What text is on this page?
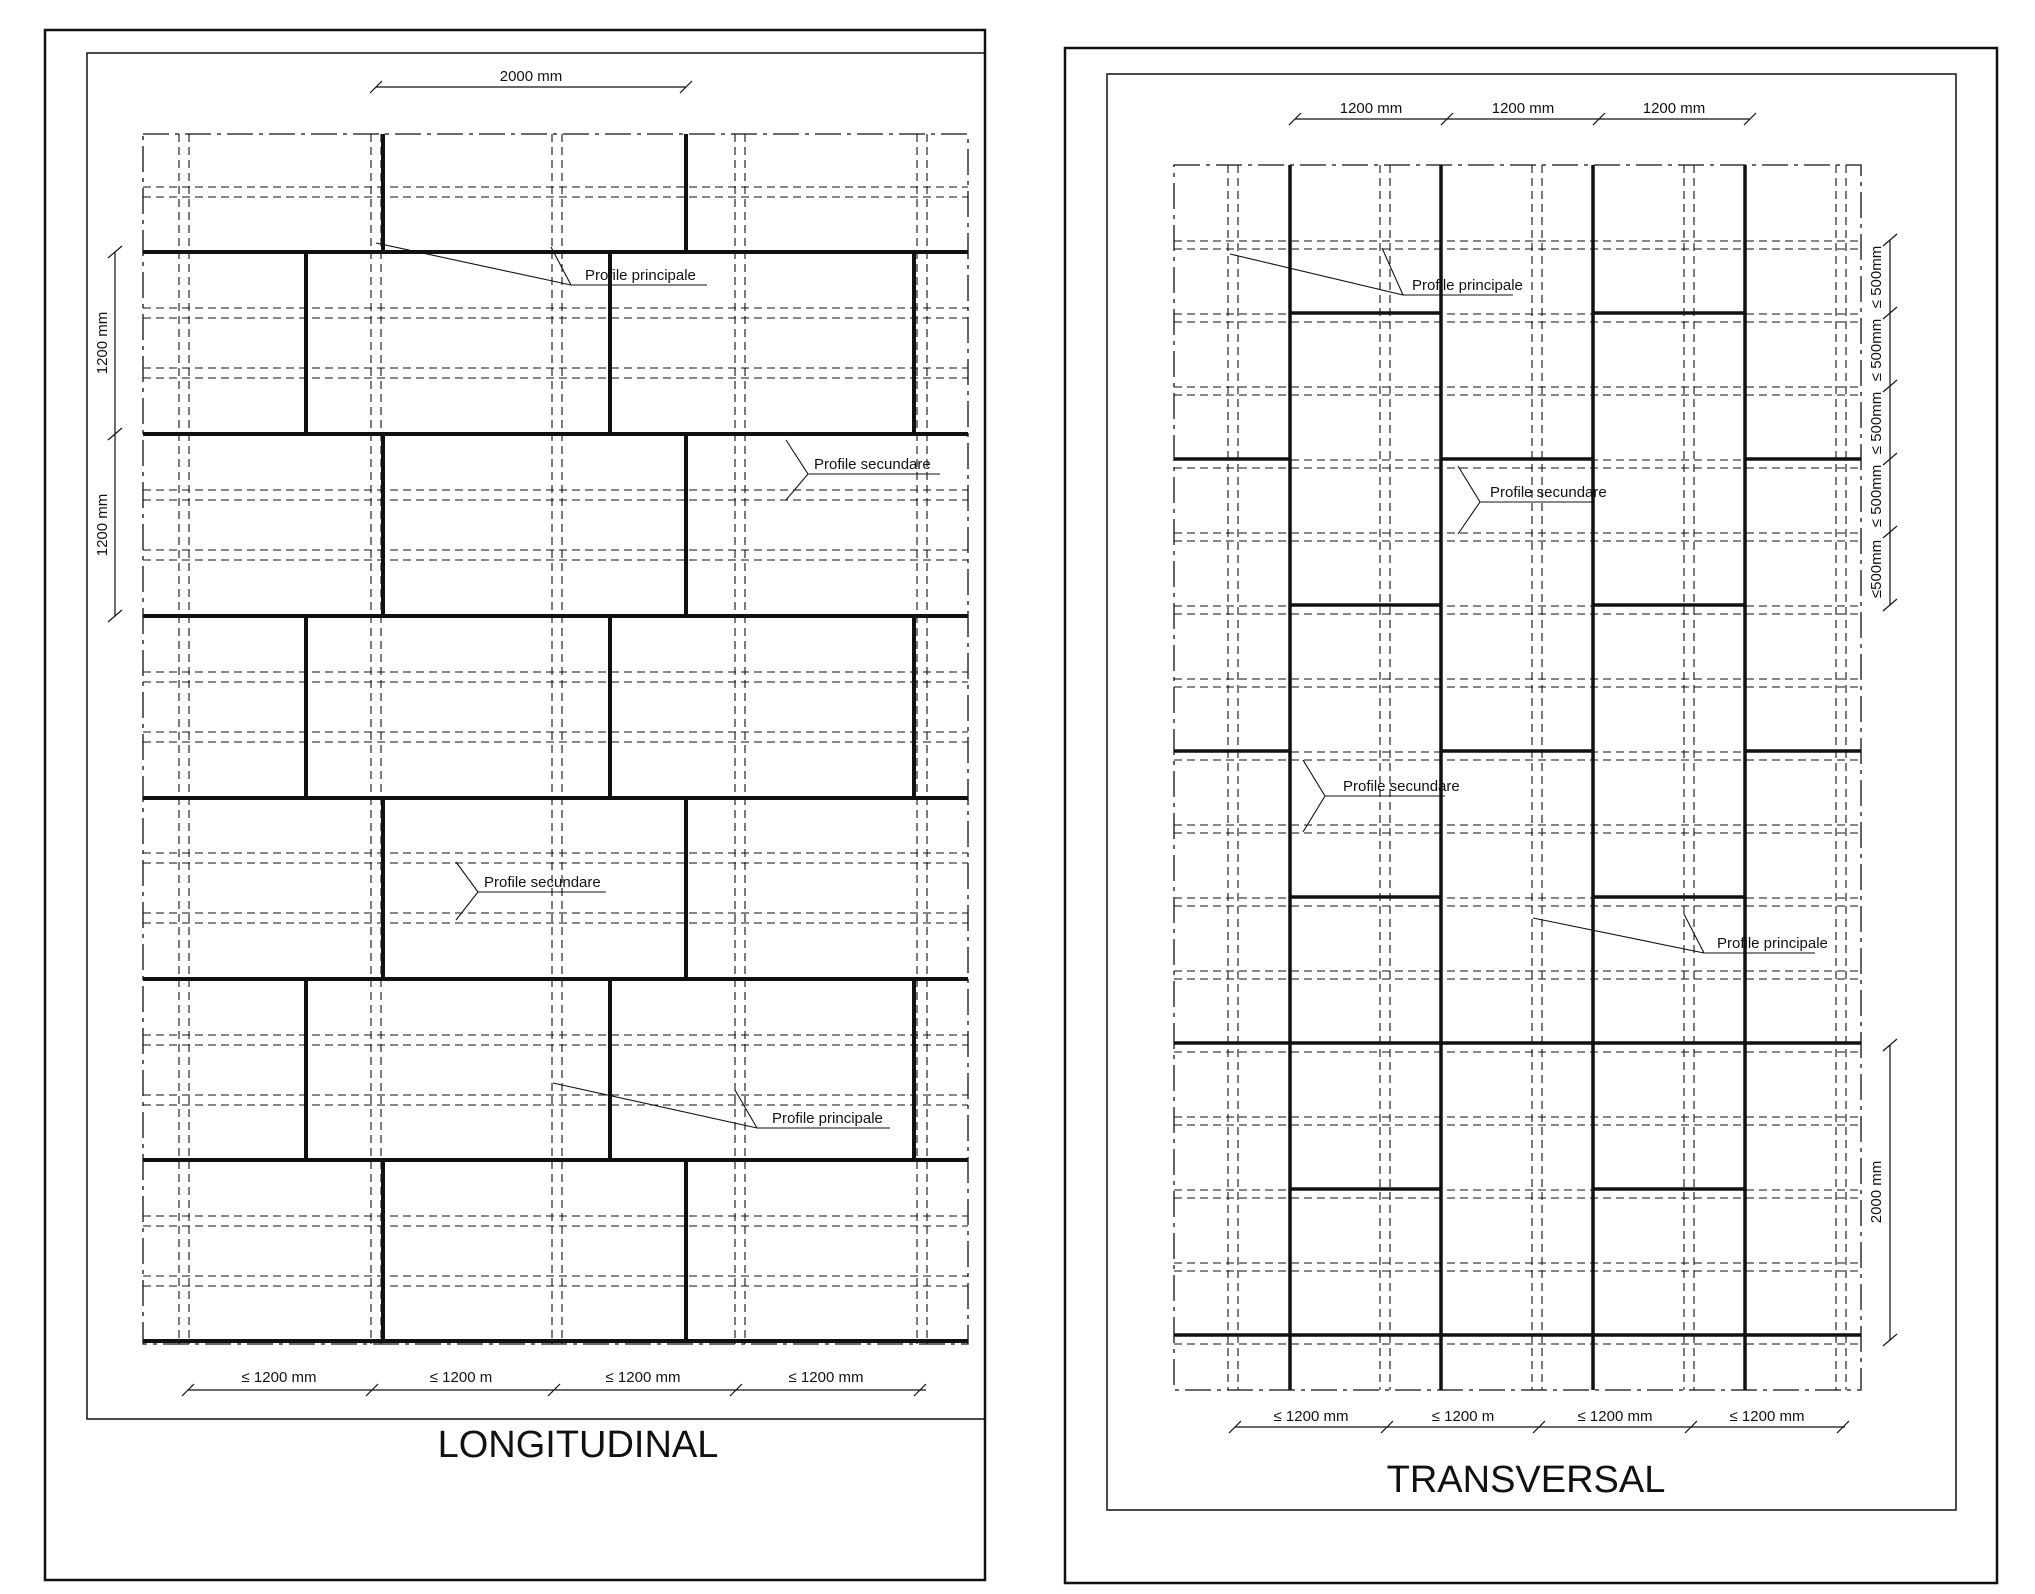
2000 mm
1200 mm
1200 mm
≤ 1200 mm	≤ 1200 m	≤ 1200 mm	≤ 1200 mm
Profile principale
Profile secundare
Profile secundare
Profile principale
LONGITUDINAL
1200 mm	1200 mm	1200 mm
≤ 500mm
≤ 500mm
≤ 500mm
≤ 500mm
≤500mm
2000 mm
≤ 1200 mm	≤ 1200 m	≤ 1200 mm	≤ 1200 mm
Profile principale
Profile secundare
Profile secundare
Profile principale
TRANSVERSAL
